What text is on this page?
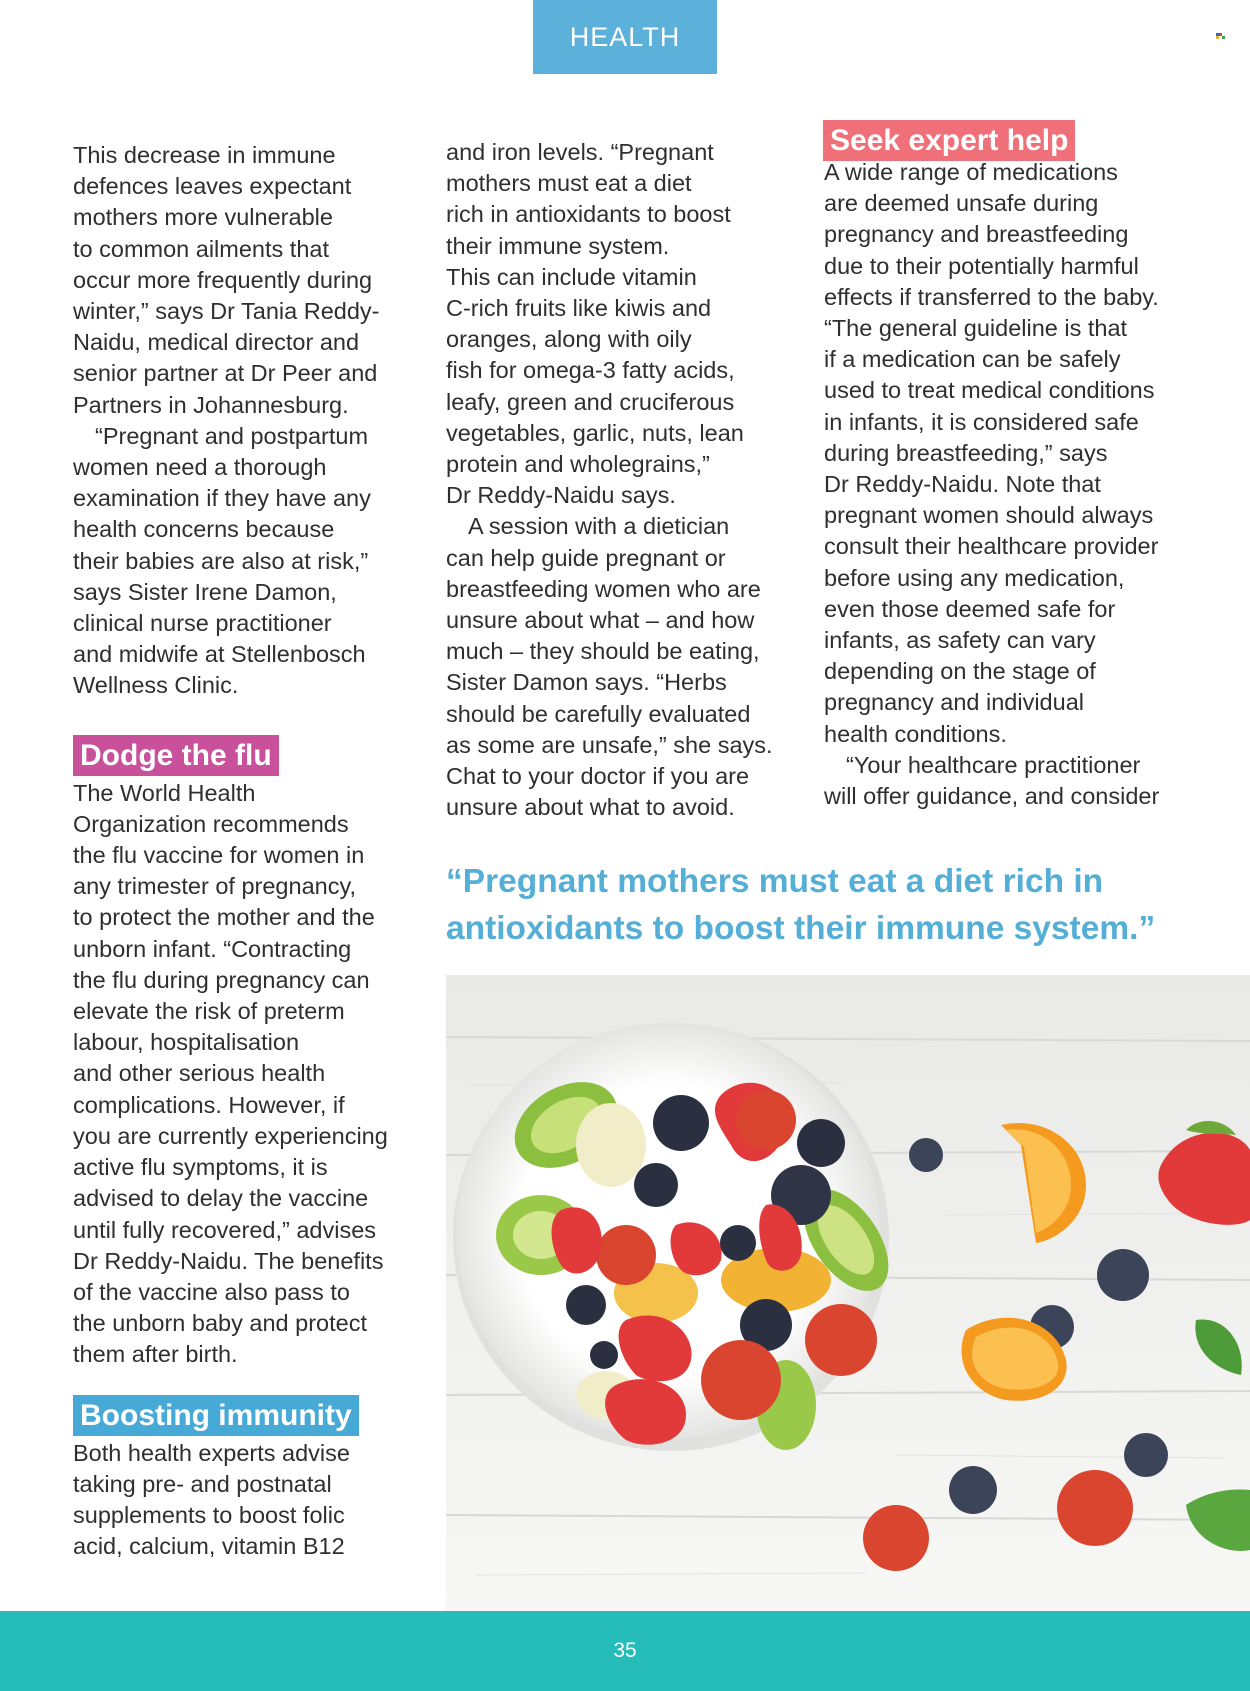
HEALTH

This decrease in immune

defences leaves expectant

mothers more vulnerable

to common ailments that

occur more frequently during

winter,” says Dr Tania Reddy-

Naidu, medical director and

senior partner at Dr Peer and

Partners in Johannesburg.

“Pregnant and postpartum

women need a thorough

examination if they have any

health concerns because

their babies are also at risk,”

says Sister Irene Damon,

clinical nurse practitioner

and midwife at Stellenbosch

Wellness Clinic.

Dodge the flu

The World Health

Organization recommends

the flu vaccine for women in

any trimester of pregnancy,

to protect the mother and the

unborn infant. “Contracting

the flu during pregnancy can

elevate the risk of preterm

labour, hospitalisation

and other serious health

complications. However, if

you are currently experiencing

active flu symptoms, it is

advised to delay the vaccine

until fully recovered,” advises

Dr Reddy-Naidu. The benefits

of the vaccine also pass to

the unborn baby and protect

them after birth.

Boosting immunity

Both health experts advise

taking pre- and postnatal

supplements to boost folic

acid, calcium, vitamin B12

and iron levels. “Pregnant

mothers must eat a diet

rich in antioxidants to boost

their immune system.

This can include vitamin

C-rich fruits like kiwis and

oranges, along with oily

fish for omega-3 fatty acids,

leafy, green and cruciferous

vegetables, garlic, nuts, lean

protein and wholegrains,”

Dr Reddy-Naidu says.

A session with a dietician

can help guide pregnant or

breastfeeding women who are

unsure about what – and how

much – they should be eating,

Sister Damon says. “Herbs

should be carefully evaluated

as some are unsafe,” she says.

Chat to your doctor if you are

unsure about what to avoid.

Seek expert help

A wide range of medications

are deemed unsafe during

pregnancy and breastfeeding

due to their potentially harmful

effects if transferred to the baby.

“The general guideline is that

if a medication can be safely

used to treat medical conditions

in infants, it is considered safe

during breastfeeding,” says

Dr Reddy-Naidu. Note that

pregnant women should always

consult their healthcare provider

before using any medication,

even those deemed safe for

infants, as safety can vary

depending on the stage of

pregnancy and individual

health conditions.

“Your healthcare practitioner

will offer guidance, and consider

“Pregnant mothers must eat a diet rich in

antioxidants to boost their immune system.”

35
